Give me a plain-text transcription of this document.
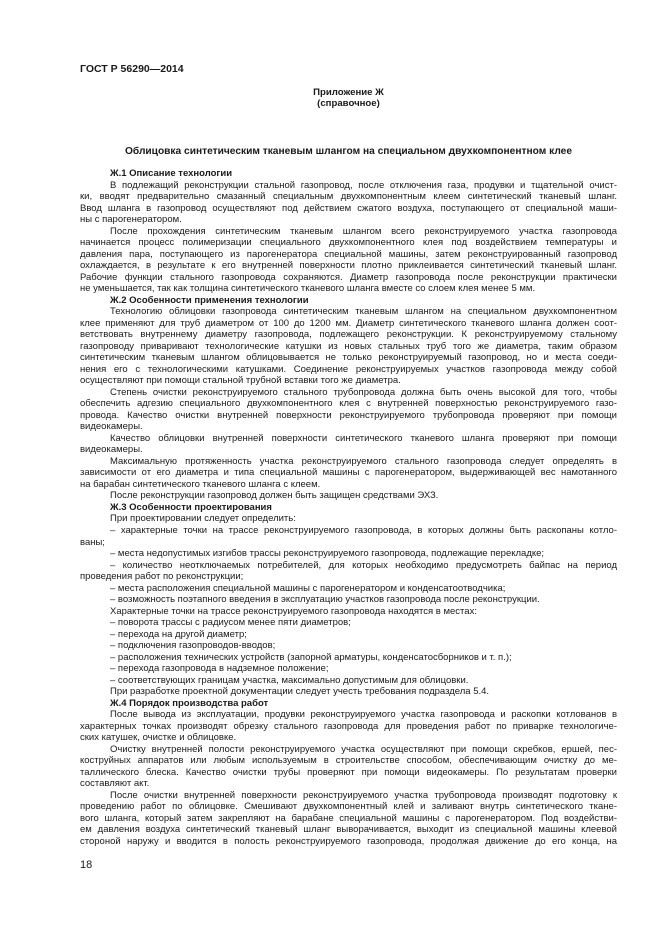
ГОСТ Р 56290—2014
Приложение Ж
(справочное)
Облицовка синтетическим тканевым шлангом на специальном двухкомпонентном клее
Ж.1 Описание технологии
В подлежащий реконструкции стальной газопровод, после отключения газа, продувки и тщательной очист-
ки, вводят предварительно смазанный специальным двухкомпонентным клеем синтетический тканевый шланг.
Ввод шланга в газопровод осуществляют под действием сжатого воздуха, поступающего от специальной маши-
ны с парогенератором.
После прохождения синтетическим тканевым шлангом всего реконструируемого участка газопровода
начинается процесс полимеризации специального двухкомпонентного клея под воздействием температуры и
давления пара, поступающего из парогенератора специальной машины, затем реконструированный газопровод
охлаждается, в результате к его внутренней поверхности плотно приклеивается синтетический тканевый шланг.
Рабочие функции стального газопровода сохраняются. Диаметр газопровода после реконструкции практически
не уменьшается, так как толщина синтетического тканевого шланга вместе со слоем клея менее 5 мм.
Ж.2 Особенности применения технологии
Технологию облицовки газопровода синтетическим тканевым шлангом на специальном двухкомпонентном
клее применяют для труб диаметром от 100 до 1200 мм. Диаметр синтетического тканевого шланга должен соот-
ветствовать внутреннему диаметру газопровода, подлежащего реконструкции. К реконструируемому стальному
газопроводу приваривают технологические катушки из новых стальных труб того же диаметра, таким образом
синтетическим тканевым шлангом облицовывается не только реконструируемый газопровод, но и места соеди-
нения его с технологическими катушками. Соединение реконструируемых участков газопровода между собой
осуществляют при помощи стальной трубной вставки того же диаметра.
Степень очистки реконструируемого стального трубопровода должна быть очень высокой для того, чтобы
обеспечить адгезию специального двухкомпонентного клея с внутренней поверхностью реконструируемого газо-
провода. Качество очистки внутренней поверхности реконструируемого трубопровода проверяют при помощи
видеокамеры.
Качество облицовки внутренней поверхности синтетического тканевого шланга проверяют при помощи
видеокамеры.
Максимальную протяженность участка реконструируемого стального газопровода следует определять в
зависимости от его диаметра и типа специальной машины с парогенератором, выдерживающей вес намотанного
на барабан синтетического тканевого шланга с клеем.
После реконструкции газопровод должен быть защищен средствами ЭХЗ.
Ж.3 Особенности проектирования
При проектировании следует определить:
– характерные точки на трассе реконструируемого газопровода, в которых должны быть раскопаны котло-
ваны;
– места недопустимых изгибов трассы реконструируемого газопровода, подлежащие перекладке;
– количество неотключаемых потребителей, для которых необходимо предусмотреть байпас на период
проведения работ по реконструкции;
– места расположения специальной машины с парогенератором и конденсатоотводчика;
– возможность поэтапного введения в эксплуатацию участков газопровода после реконструкции.
Характерные точки на трассе реконструируемого газопровода находятся в местах:
– поворота трассы с радиусом менее пяти диаметров;
– перехода на другой диаметр;
– подключения газопроводов-вводов;
– расположения технических устройств (запорной арматуры, конденсатосборников и т. п.);
– перехода газопровода в надземное положение;
– соответствующих границам участка, максимально допустимым для облицовки.
При разработке проектной документации следует учесть требования подраздела 5.4.
Ж.4 Порядок производства работ
После вывода из эксплуатации, продувки реконструируемого участка газопровода и раскопки котлованов в
характерных точках производят обрезку стального газопровода для проведения работ по приварке технологиче-
ских катушек, очистке и облицовке.
Очистку внутренней полости реконструируемого участка осуществляют при помощи скребков, ершей, пес-
коструйных аппаратов или любым используемым в строительстве способом, обеспечивающим очистку до ме-
таллического блеска. Качество очистки трубы проверяют при помощи видеокамеры. По результатам проверки
составляют акт.
После очистки внутренней поверхности реконструируемого участка трубопровода производят подготовку к
проведению работ по облицовке. Смешивают двухкомпонентный клей и заливают внутрь синтетического ткане-
вого шланга, который затем закрепляют на барабане специальной машины с парогенератором. Под воздействи-
ем давления воздуха синтетический тканевый шланг выворачивается, выходит из специальной машины клеевой
стороной наружу и вводится в полость реконструируемого газопровода, продолжая движение до его конца, на
18
